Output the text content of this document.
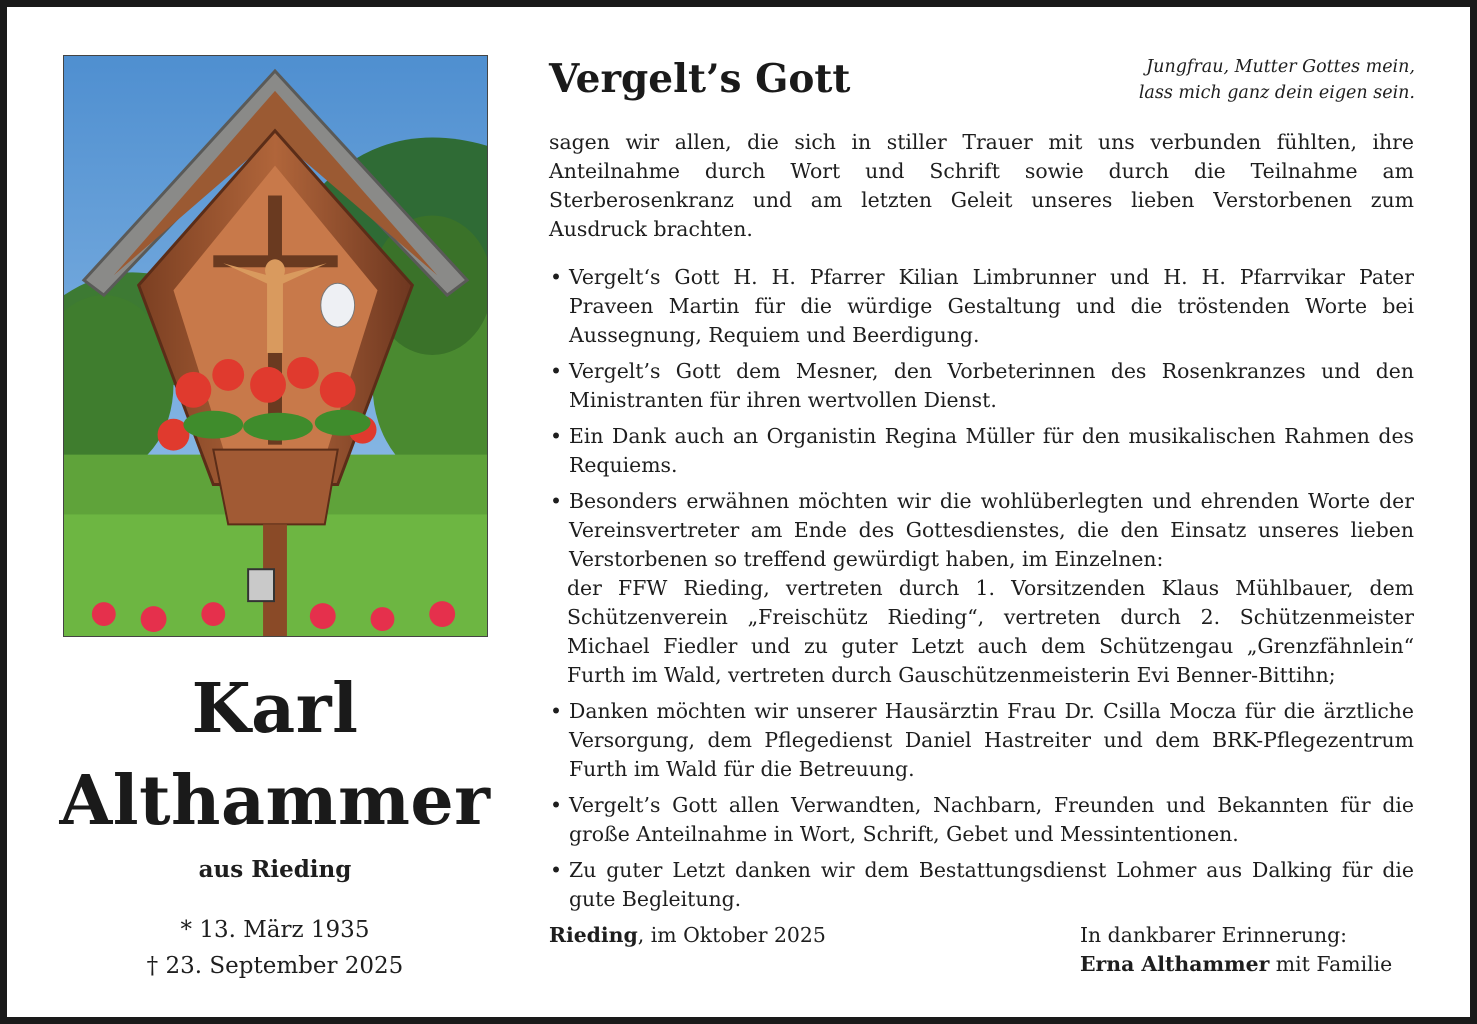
Karl
Althammer
aus Rieding
* 13. März 1935
† 23. September 2025
Vergelt’s Gott	Jungfrau, Mutter Gottes mein,
lass mich ganz dein eigen sein.

sagen wir allen, die sich in stiller Trauer mit uns verbunden fühlten, ihre Anteilnahme durch Wort und Schrift sowie durch die Teilnahme am Sterberosenkranz und am letzten Geleit unseres lieben Verstorbenen zum Ausdruck brachten.

• Vergelt‘s Gott H. H. Pfarrer Kilian Limbrunner und H. H. Pfarrvikar Pater Praveen Martin für die würdige Gestaltung und die tröstenden Worte bei Aussegnung, Requiem und Beerdigung.
• Vergelt’s Gott dem Mesner, den Vorbeterinnen des Rosenkranzes und den Ministranten für ihren wertvollen Dienst.
• Ein Dank auch an Organistin Regina Müller für den musikalischen Rahmen des Requiems.
• Besonders erwähnen möchten wir die wohlüberlegten und ehrenden Worte der Vereinsvertreter am Ende des Gottesdienstes, die den Einsatz unseres lieben Verstorbenen so treffend gewürdigt haben, im Einzelnen:
der FFW Rieding, vertreten durch 1. Vorsitzenden Klaus Mühlbauer, dem Schützenverein „Freischütz Rieding“, vertreten durch 2. Schützenmeister Michael Fiedler und zu guter Letzt auch dem Schützengau „Grenzfähnlein“ Furth im Wald, vertreten durch Gauschützenmeisterin Evi Benner-Bittihn;
• Danken möchten wir unserer Hausärztin Frau Dr. Csilla Mocza für die ärztliche Versorgung, dem Pflegedienst Daniel Hastreiter und dem BRK-Pflegezentrum Furth im Wald für die Betreuung.
• Vergelt’s Gott allen Verwandten, Nachbarn, Freunden und Bekannten für die große Anteilnahme in Wort, Schrift, Gebet und Messintentionen.
• Zu guter Letzt danken wir dem Bestattungsdienst Lohmer aus Dalking für die gute Begleitung.
Rieding, im Oktober 2025	In dankbarer Erinnerung:
Erna Althammer mit Familie
